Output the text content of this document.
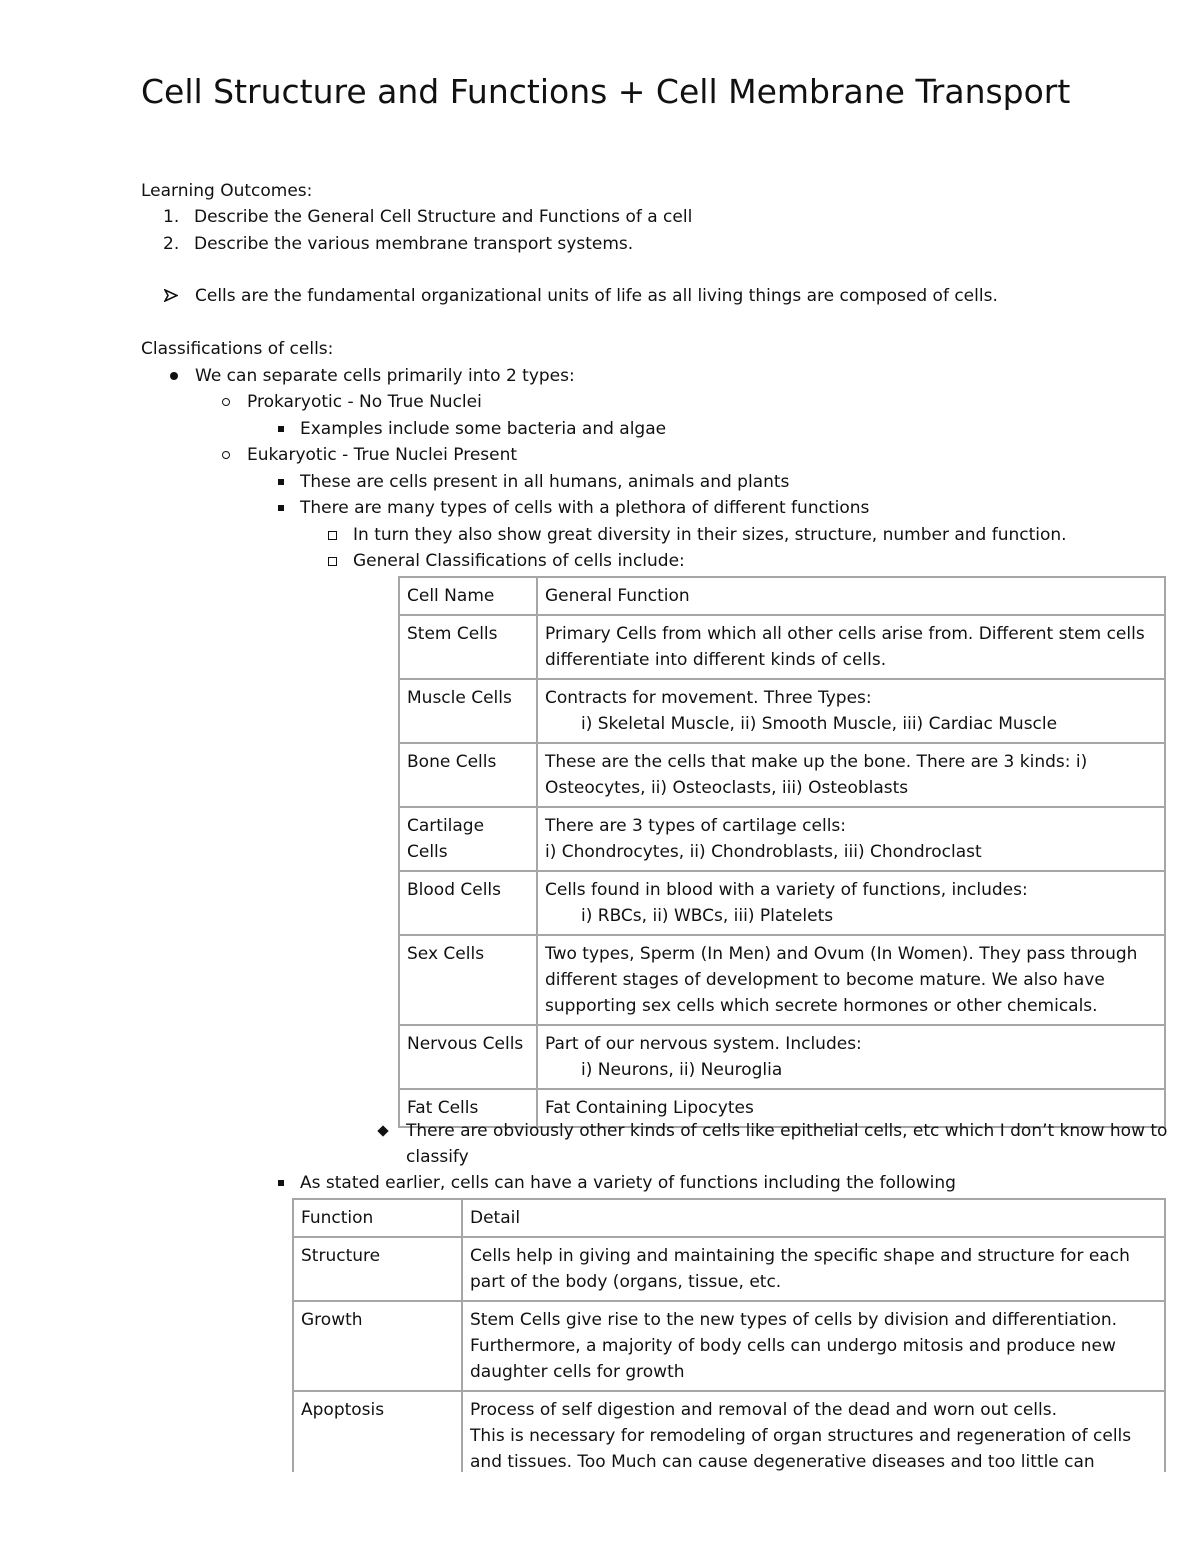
Cell Structure and Functions + Cell Membrane Transport
Learning Outcomes:
1. Describe the General Cell Structure and Functions of a cell
2. Describe the various membrane transport systems.
Cells are the fundamental organizational units of life as all living things are composed of cells.
Classifications of cells:
We can separate cells primarily into 2 types:
Prokaryotic - No True Nuclei
Examples include some bacteria and algae
Eukaryotic - True Nuclei Present
These are cells present in all humans, animals and plants
There are many types of cells with a plethora of different functions
In turn they also show great diversity in their sizes, structure, number and function.
General Classifications of cells include:
Cell Name	General Function
Stem Cells	Primary Cells from which all other cells arise from. Different stem cells differentiate into different kinds of cells.
Muscle Cells	Contracts for movement. Three Types:
i) Skeletal Muscle, ii) Smooth Muscle, iii) Cardiac Muscle

Bone Cells	These are the cells that make up the bone. There are 3 kinds: i) Osteocytes, ii) Osteoclasts, iii) Osteoblasts
Cartilage Cells	There are 3 types of cartilage cells:
i) Chondrocytes, ii) Chondroblasts, iii) Chondroclast

Blood Cells	Cells found in blood with a variety of functions, includes:
i) RBCs, ii) WBCs, iii) Platelets

Sex Cells	Two types, Sperm (In Men) and Ovum (In Women). They pass through different stages of development to become mature. We also have supporting sex cells which secrete hormones or other chemicals.
Nervous Cells	Part of our nervous system. Includes:
i) Neurons, ii) Neuroglia

Fat Cells	Fat Containing Lipocytes
There are obviously other kinds of cells like epithelial cells, etc which I don’t know how to classify
As stated earlier, cells can have a variety of functions including the following
Function	Detail
Structure	Cells help in giving and maintaining the specific shape and structure for each part of the body (organs, tissue, etc.
Growth	Stem Cells give rise to the new types of cells by division and differentiation. Furthermore, a majority of body cells can undergo mitosis and produce new daughter cells for growth
Apoptosis	Process of self digestion and removal of the dead and worn out cells.
This is necessary for remodeling of organ structures and regeneration of cells and tissues. Too Much can cause degenerative diseases and too little can
